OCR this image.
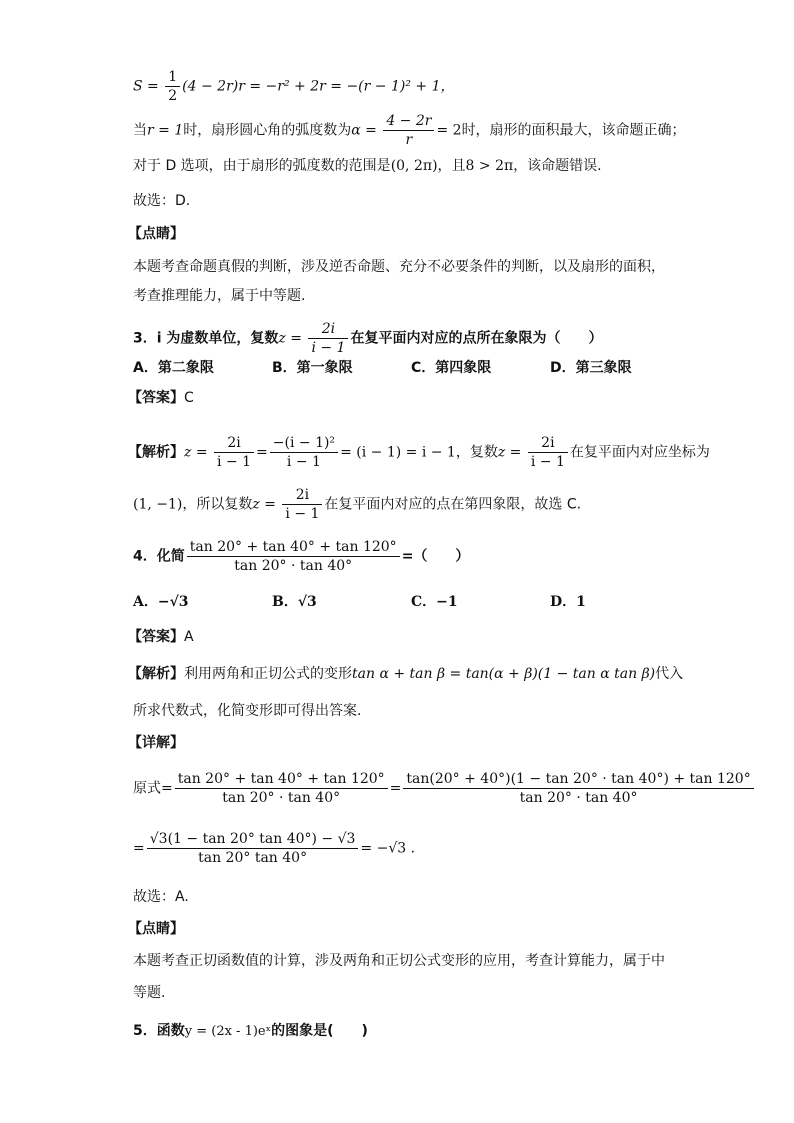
$S = \frac{1}{2} (4 - 2r)r = -r^2 + 2r = -(r - 1)^2 + 1$，
当r = 1时，扇形圆心角的弧度数为$\alpha = \frac{4 - 2r}{r} = 2$时，扇形的面积最大，该命题正确；
对于 D 选项，由于扇形的弧度数的范围是(0, 2π)，且8 > 2π，该命题错误.
故选：D.
【点睛】
本题考查命题真假的判断，涉及逆否命题、充分不必要条件的判断，以及扇形的面积，
考查推理能力，属于中等题.
3．i 为虚数单位，复数$z = \frac{2i}{i - 1}$ 在复平面内对应的点所在象限为（　　）
A．第二象限	B．第一象限	C．第四象限	D．第三象限
【答案】C
【解析】$z = \frac{2i}{i - 1} = \frac{\text{−(i − 1)²}}{i - 1} = (i - 1) = i - 1$，复数$z = \frac{2i}{i - 1}$ 在复平面内对应坐标为
(1, −1)，所以复数$z = \frac{2i}{i - 1}$ 在复平面内对应的点在第四象限，故选 C.
4．化简 $\frac{\tan 20^\circ + \tan 40^\circ + \tan 120^\circ}{\tan 20^\circ \cdot \tan 40^\circ}$ =（　　）
A．−√3	B．√3	C．−1	D．1
【答案】A
【解析】利用两角和正切公式的变形tan α + tan β = tan(α + β)(1 − tan α tan β)代入
所求代数式，化简变形即可得出答案.
【详解】
原式= $\frac{\tan 20^\circ + \tan 40^\circ + \tan 120^\circ}{\tan 20^\circ \cdot \tan 40^\circ} = \frac{\tan(20^\circ + 40^\circ)(1 - \tan 20^\circ \cdot \tan 40^\circ) + \tan 120^\circ}{\tan 20^\circ \cdot \tan 40^\circ}$
= $\frac{√3(1 - \tan 20^\circ \tan 40^\circ) - √3}{\tan 20^\circ \tan 40^\circ} = -√3$ .
故选：A.
【点睛】
本题考查正切函数值的计算，涉及两角和正切公式变形的应用，考查计算能力，属于中
等题.
5．函数y = (2x - 1)eˣ的图象是(　　)
